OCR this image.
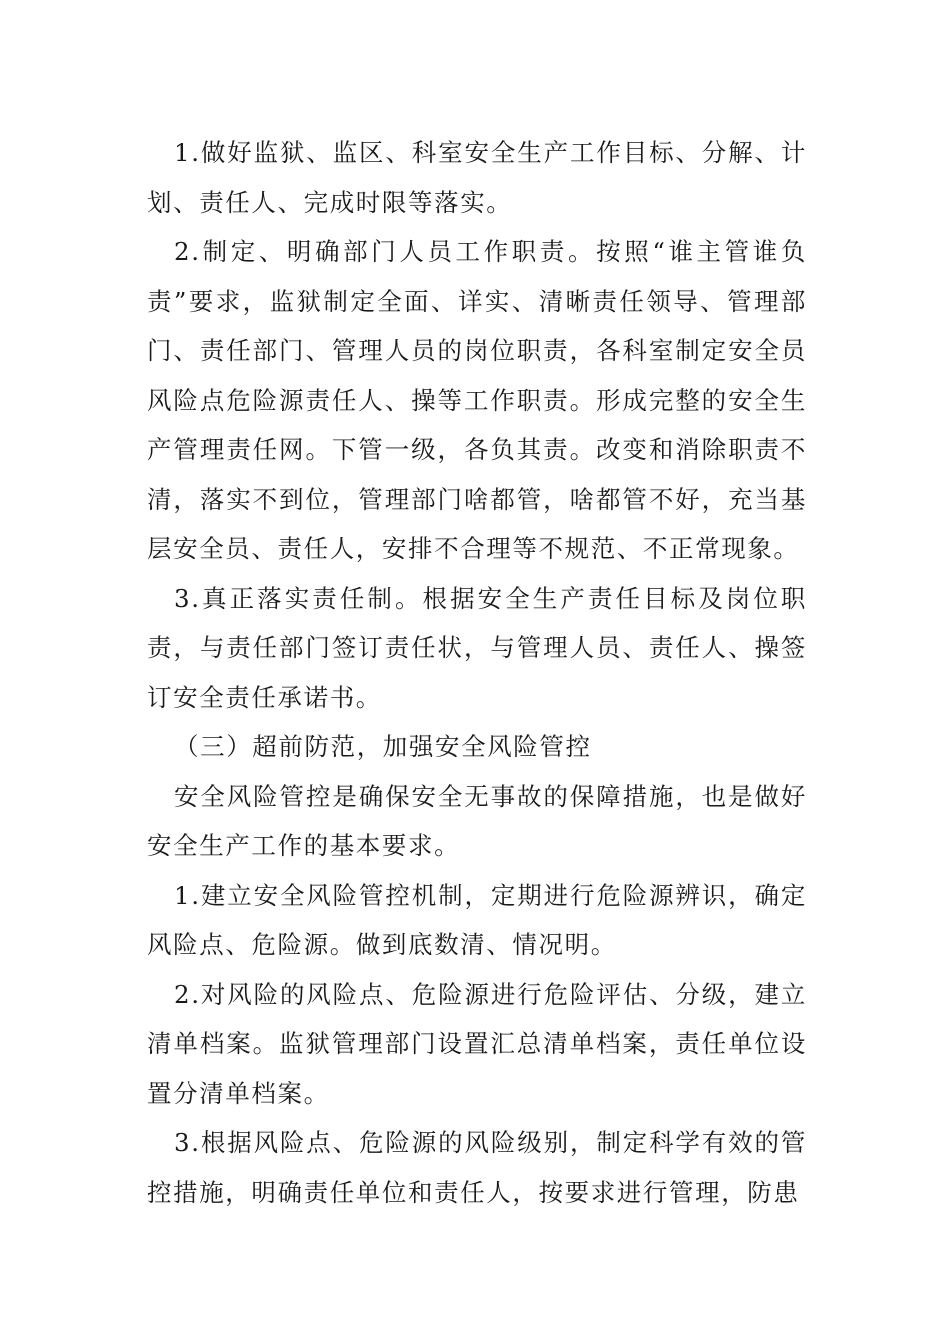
1.做好监狱、监区、科室安全生产工作目标、分解、计划、责任人、完成时限等落实。

2.制定、明确部门人员工作职责。按照“谁主管谁负责”要求，监狱制定全面、详实、清晰责任领导、管理部门、责任部门、管理人员的岗位职责，各科室制定安全员风险点危险源责任人、操等工作职责。形成完整的安全生产管理责任网。下管一级，各负其责。改变和消除职责不清，落实不到位，管理部门啥都管，啥都管不好，充当基层安全员、责任人，安排不合理等不规范、不正常现象。

3.真正落实责任制。根据安全生产责任目标及岗位职责，与责任部门签订责任状，与管理人员、责任人、操签订安全责任承诺书。

（三）超前防范，加强安全风险管控

安全风险管控是确保安全无事故的保障措施，也是做好安全生产工作的基本要求。

1.建立安全风险管控机制，定期进行危险源辨识，确定风险点、危险源。做到底数清、情况明。

2.对风险的风险点、危险源进行危险评估、分级，建立清单档案。监狱管理部门设置汇总清单档案，责任单位设置分清单档案。

3.根据风险点、危险源的风险级别，制定科学有效的管控措施，明确责任单位和责任人，按要求进行管理，防患
